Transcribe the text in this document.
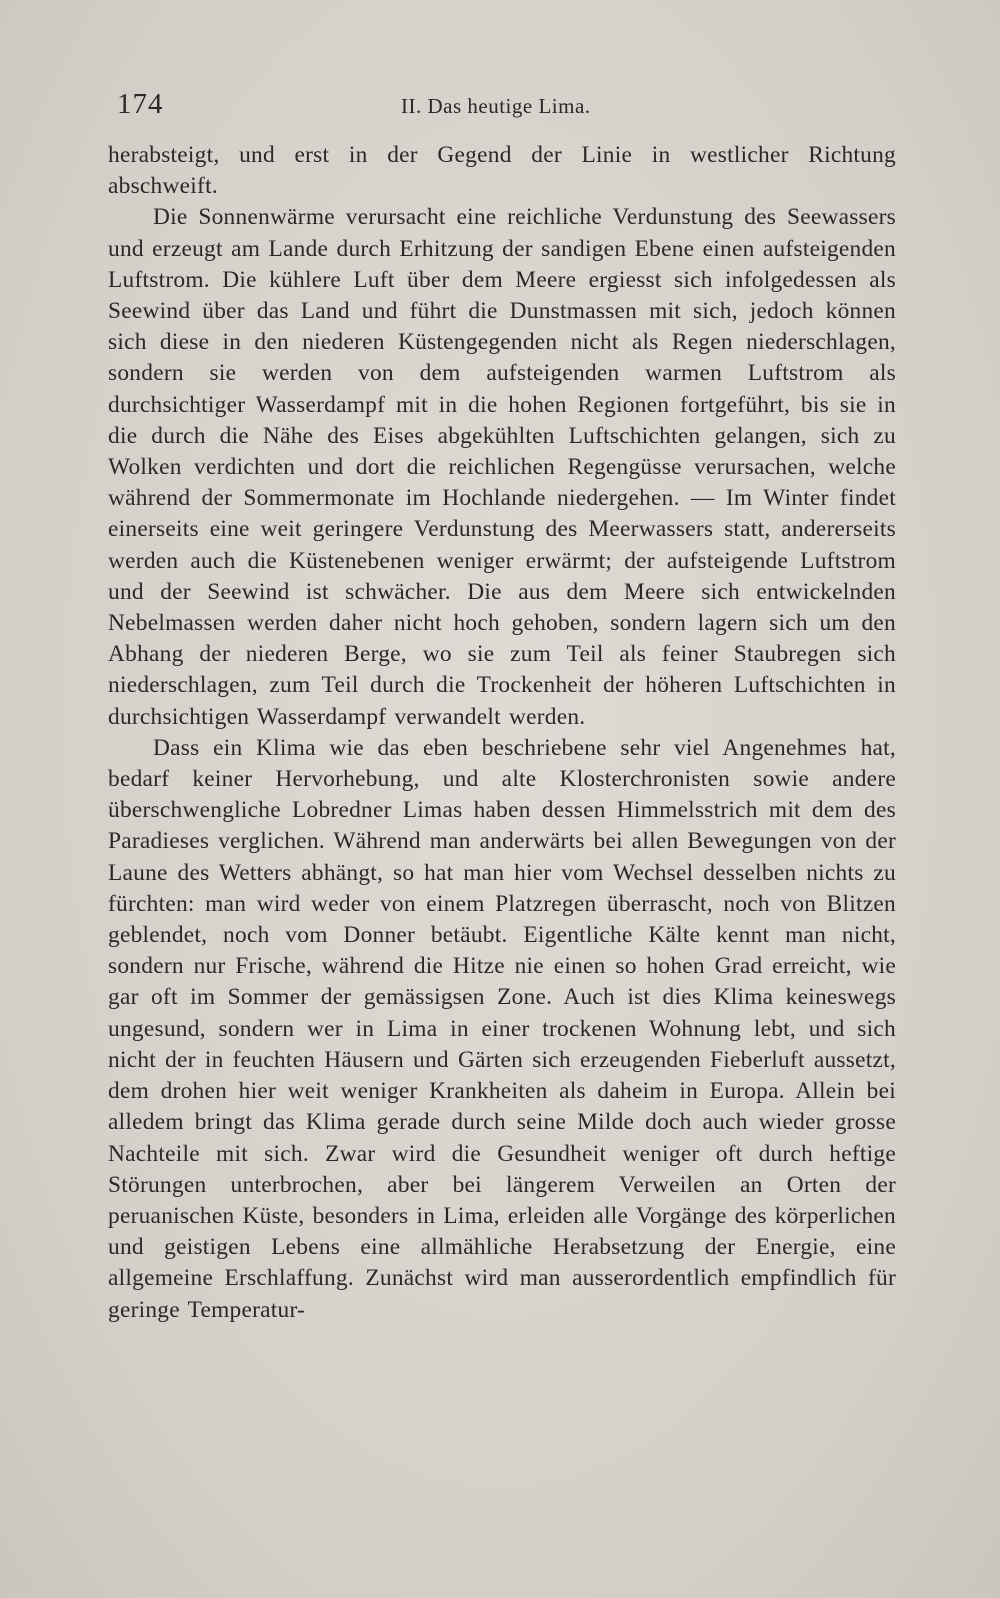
174	II. Das heutige Lima.

herabsteigt, und erst in der Gegend der Linie in westlicher Richtung abschweift.

Die Sonnenwärme verursacht eine reichliche Verdunstung des Seewassers und erzeugt am Lande durch Erhitzung der sandigen Ebene einen aufsteigenden Luftstrom. Die kühlere Luft über dem Meere ergiesst sich infolgedessen als Seewind über das Land und führt die Dunstmassen mit sich, jedoch können sich diese in den niederen Küstengegenden nicht als Regen niederschlagen, sondern sie werden von dem aufsteigenden warmen Luftstrom als durchsichtiger Wasserdampf mit in die hohen Regionen fortgeführt, bis sie in die durch die Nähe des Eises abgekühlten Luftschichten gelangen, sich zu Wolken verdichten und dort die reichlichen Regengüsse verursachen, welche während der Sommermonate im Hochlande niedergehen. — Im Winter findet einerseits eine weit geringere Verdunstung des Meerwassers statt, andererseits werden auch die Küstenebenen weniger erwärmt; der aufsteigende Luftstrom und der Seewind ist schwächer. Die aus dem Meere sich entwickelnden Nebelmassen werden daher nicht hoch gehoben, sondern lagern sich um den Abhang der niederen Berge, wo sie zum Teil als feiner Staubregen sich niederschlagen, zum Teil durch die Trockenheit der höheren Luftschichten in durchsichtigen Wasserdampf verwandelt werden.

Dass ein Klima wie das eben beschriebene sehr viel Angenehmes hat, bedarf keiner Hervorhebung, und alte Klosterchronisten sowie andere überschwengliche Lobredner Limas haben dessen Himmelsstrich mit dem des Paradieses verglichen. Während man anderwärts bei allen Bewegungen von der Laune des Wetters abhängt, so hat man hier vom Wechsel desselben nichts zu fürchten: man wird weder von einem Platzregen überrascht, noch von Blitzen geblendet, noch vom Donner betäubt. Eigentliche Kälte kennt man nicht, sondern nur Frische, während die Hitze nie einen so hohen Grad erreicht, wie gar oft im Sommer der gemässigsen Zone. Auch ist dies Klima keineswegs ungesund, sondern wer in Lima in einer trockenen Wohnung lebt, und sich nicht der in feuchten Häusern und Gärten sich erzeugenden Fieberluft aussetzt, dem drohen hier weit weniger Krankheiten als daheim in Europa. Allein bei alledem bringt das Klima gerade durch seine Milde doch auch wieder grosse Nachteile mit sich. Zwar wird die Gesundheit weniger oft durch heftige Störungen unterbrochen, aber bei längerem Verweilen an Orten der peruanischen Küste, besonders in Lima, erleiden alle Vorgänge des körperlichen und geistigen Lebens eine allmähliche Herabsetzung der Energie, eine allgemeine Erschlaffung. Zunächst wird man ausserordentlich empfindlich für geringe Temperatur-
